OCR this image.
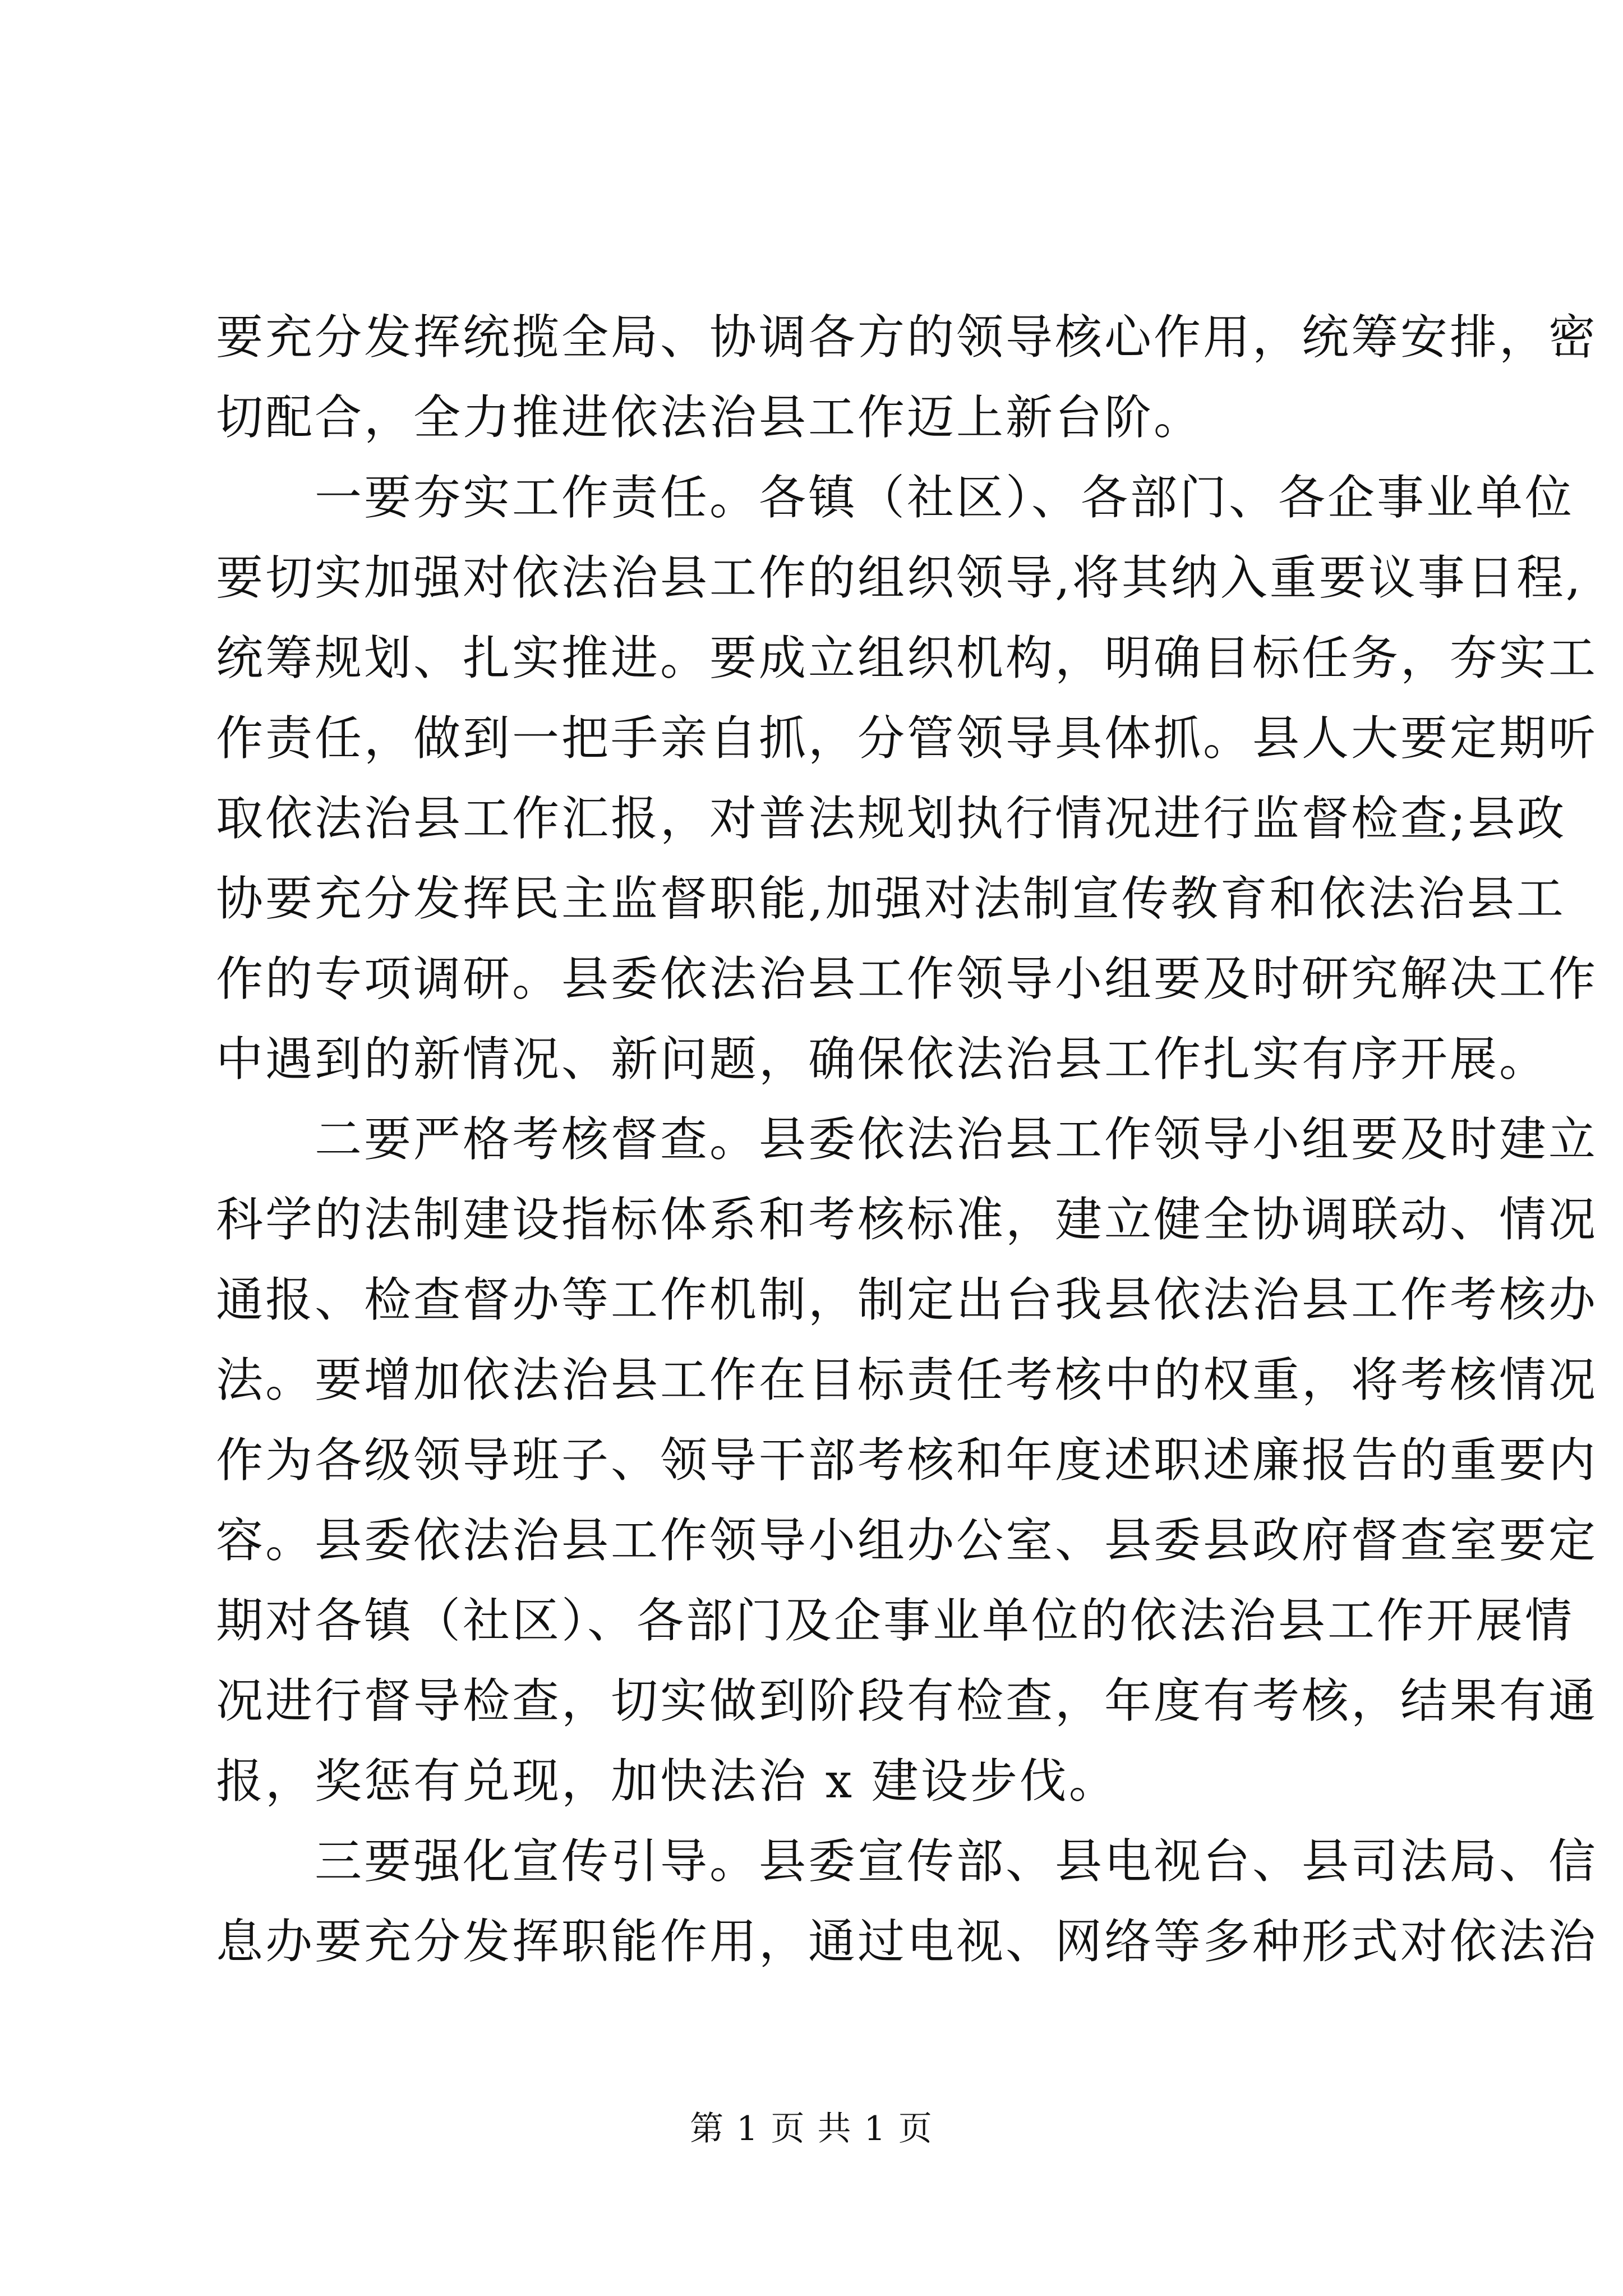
要充分发挥统揽全局、协调各方的领导核心作用，统筹安排，密
切配合，全力推进依法治县工作迈上新台阶。
一要夯实工作责任。各镇（社区）、各部门、各企事业单位
要切实加强对依法治县工作的组织领导,将其纳入重要议事日程,
统筹规划、扎实推进。要成立组织机构，明确目标任务，夯实工
作责任，做到一把手亲自抓，分管领导具体抓。县人大要定期听
取依法治县工作汇报，对普法规划执行情况进行监督检查;县政
协要充分发挥民主监督职能,加强对法制宣传教育和依法治县工
作的专项调研。县委依法治县工作领导小组要及时研究解决工作
中遇到的新情况、新问题，确保依法治县工作扎实有序开展。
二要严格考核督查。县委依法治县工作领导小组要及时建立
科学的法制建设指标体系和考核标准，建立健全协调联动、情况
通报、检查督办等工作机制，制定出台我县依法治县工作考核办
法。要增加依法治县工作在目标责任考核中的权重，将考核情况
作为各级领导班子、领导干部考核和年度述职述廉报告的重要内
容。县委依法治县工作领导小组办公室、县委县政府督查室要定
期对各镇（社区）、各部门及企事业单位的依法治县工作开展情
况进行督导检查，切实做到阶段有检查，年度有考核，结果有通
报，奖惩有兑现，加快法治 x 建设步伐。
三要强化宣传引导。县委宣传部、县电视台、县司法局、信
息办要充分发挥职能作用，通过电视、网络等多种形式对依法治
第 1 页 共 1 页
